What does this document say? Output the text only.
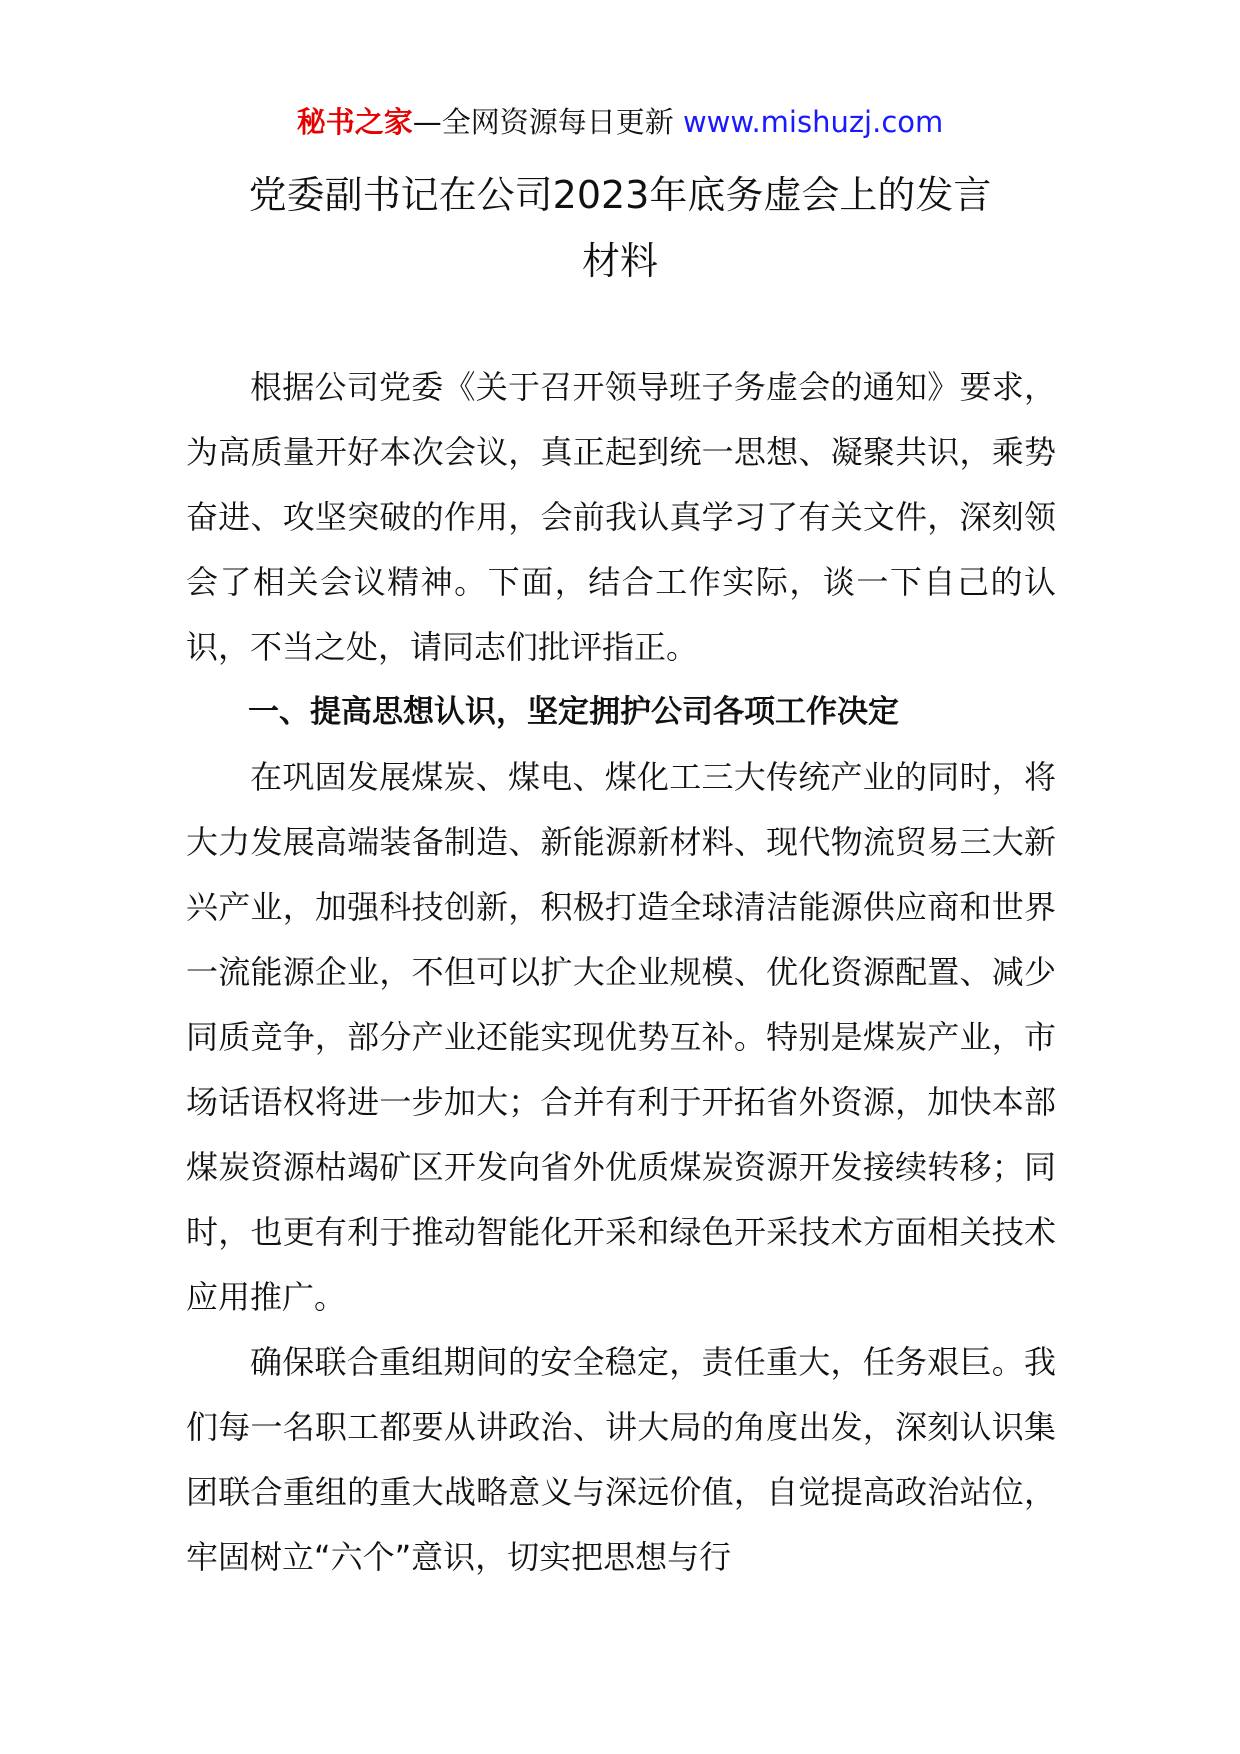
秘书之家—全网资源每日更新 www.mishuzj.com
党委副书记在公司2023年底务虚会上的发言
材料

根据公司党委《关于召开领导班子务虚会的通知》要求，为高质量开好本次会议，真正起到统一思想、凝聚共识，乘势奋进、攻坚突破的作用，会前我认真学习了有关文件，深刻领会了相关会议精神。下面，结合工作实际，谈一下自己的认识，不当之处，请同志们批评指正。

一、提高思想认识，坚定拥护公司各项工作决定

在巩固发展煤炭、煤电、煤化工三大传统产业的同时，将大力发展高端装备制造、新能源新材料、现代物流贸易三大新兴产业，加强科技创新，积极打造全球清洁能源供应商和世界一流能源企业，不但可以扩大企业规模、优化资源配置、减少同质竞争，部分产业还能实现优势互补。特别是煤炭产业，市场话语权将进一步加大；合并有利于开拓省外资源，加快本部煤炭资源枯竭矿区开发向省外优质煤炭资源开发接续转移；同时，也更有利于推动智能化开采和绿色开采技术方面相关技术应用推广。

确保联合重组期间的安全稳定，责任重大，任务艰巨。我们每一名职工都要从讲政治、讲大局的角度出发，深刻认识集团联合重组的重大战略意义与深远价值，自觉提高政治站位，牢固树立“六个”意识，切实把思想与行
